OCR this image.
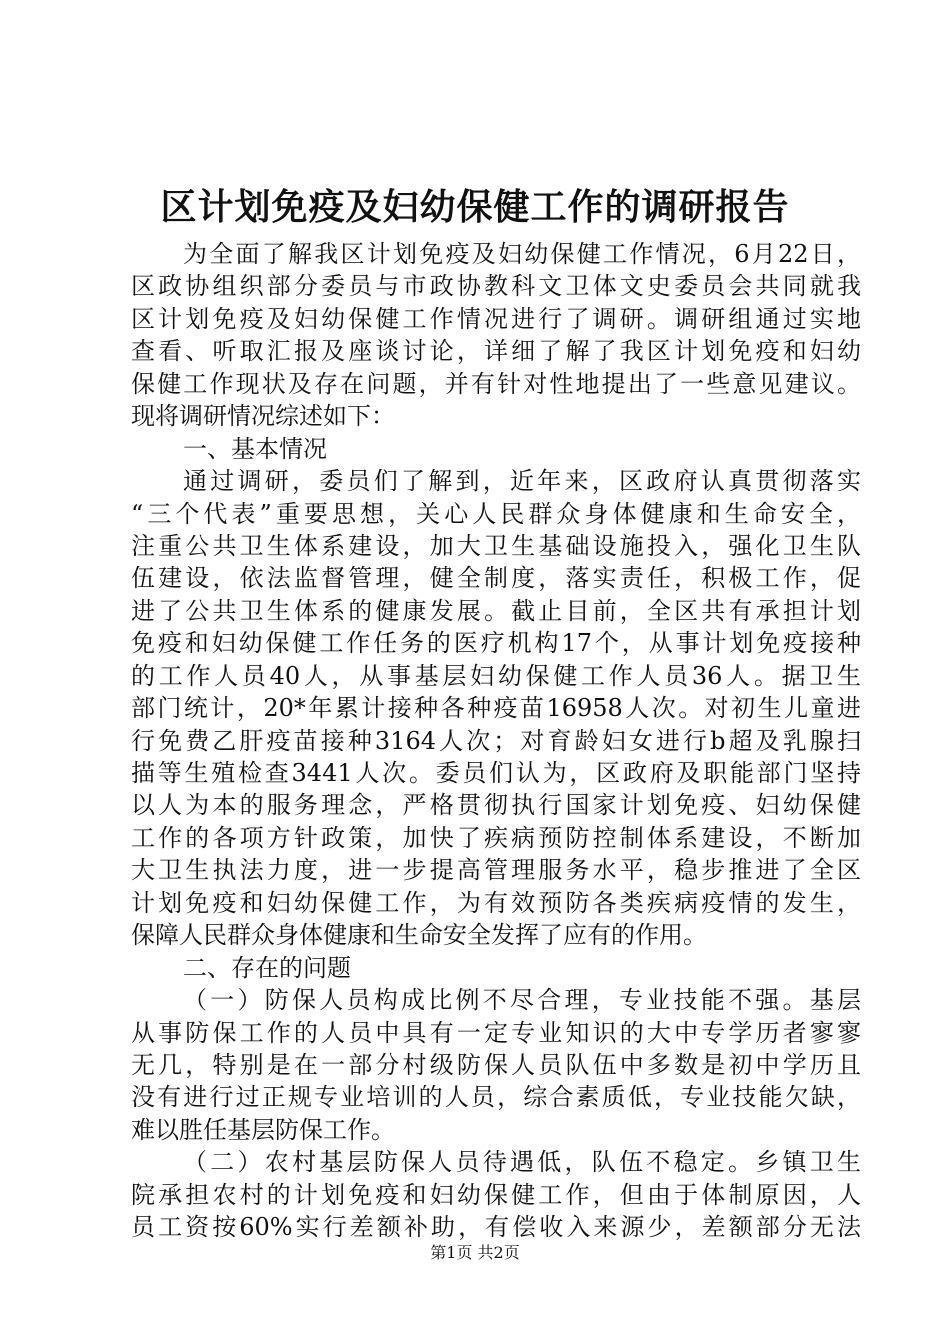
区计划免疫及妇幼保健工作的调研报告
为全面了解我区计划免疫及妇幼保健工作情况，6月22日，
区政协组织部分委员与市政协教科文卫体文史委员会共同就我
区计划免疫及妇幼保健工作情况进行了调研。调研组通过实地
查看、听取汇报及座谈讨论，详细了解了我区计划免疫和妇幼
保健工作现状及存在问题，并有针对性地提出了一些意见建议。
现将调研情况综述如下：
一、基本情况
通过调研，委员们了解到，近年来，区政府认真贯彻落实
“三个代表”重要思想，关心人民群众身体健康和生命安全，
注重公共卫生体系建设，加大卫生基础设施投入，强化卫生队
伍建设，依法监督管理，健全制度，落实责任，积极工作，促
进了公共卫生体系的健康发展。截止目前，全区共有承担计划
免疫和妇幼保健工作任务的医疗机构17个，从事计划免疫接种
的工作人员40人，从事基层妇幼保健工作人员36人。据卫生
部门统计，20*年累计接种各种疫苗16958人次。对初生儿童进
行免费乙肝疫苗接种3164人次；对育龄妇女进行b超及乳腺扫
描等生殖检查3441人次。委员们认为，区政府及职能部门坚持
以人为本的服务理念，严格贯彻执行国家计划免疫、妇幼保健
工作的各项方针政策，加快了疾病预防控制体系建设，不断加
大卫生执法力度，进一步提高管理服务水平，稳步推进了全区
计划免疫和妇幼保健工作，为有效预防各类疾病疫情的发生，
保障人民群众身体健康和生命安全发挥了应有的作用。
二、存在的问题
（一）防保人员构成比例不尽合理，专业技能不强。基层
从事防保工作的人员中具有一定专业知识的大中专学历者寥寥
无几，特别是在一部分村级防保人员队伍中多数是初中学历且
没有进行过正规专业培训的人员，综合素质低，专业技能欠缺，
难以胜任基层防保工作。
（二）农村基层防保人员待遇低，队伍不稳定。乡镇卫生
院承担农村的计划免疫和妇幼保健工作，但由于体制原因，人
员工资按60%实行差额补助，有偿收入来源少，差额部分无法
第1页 共2页
